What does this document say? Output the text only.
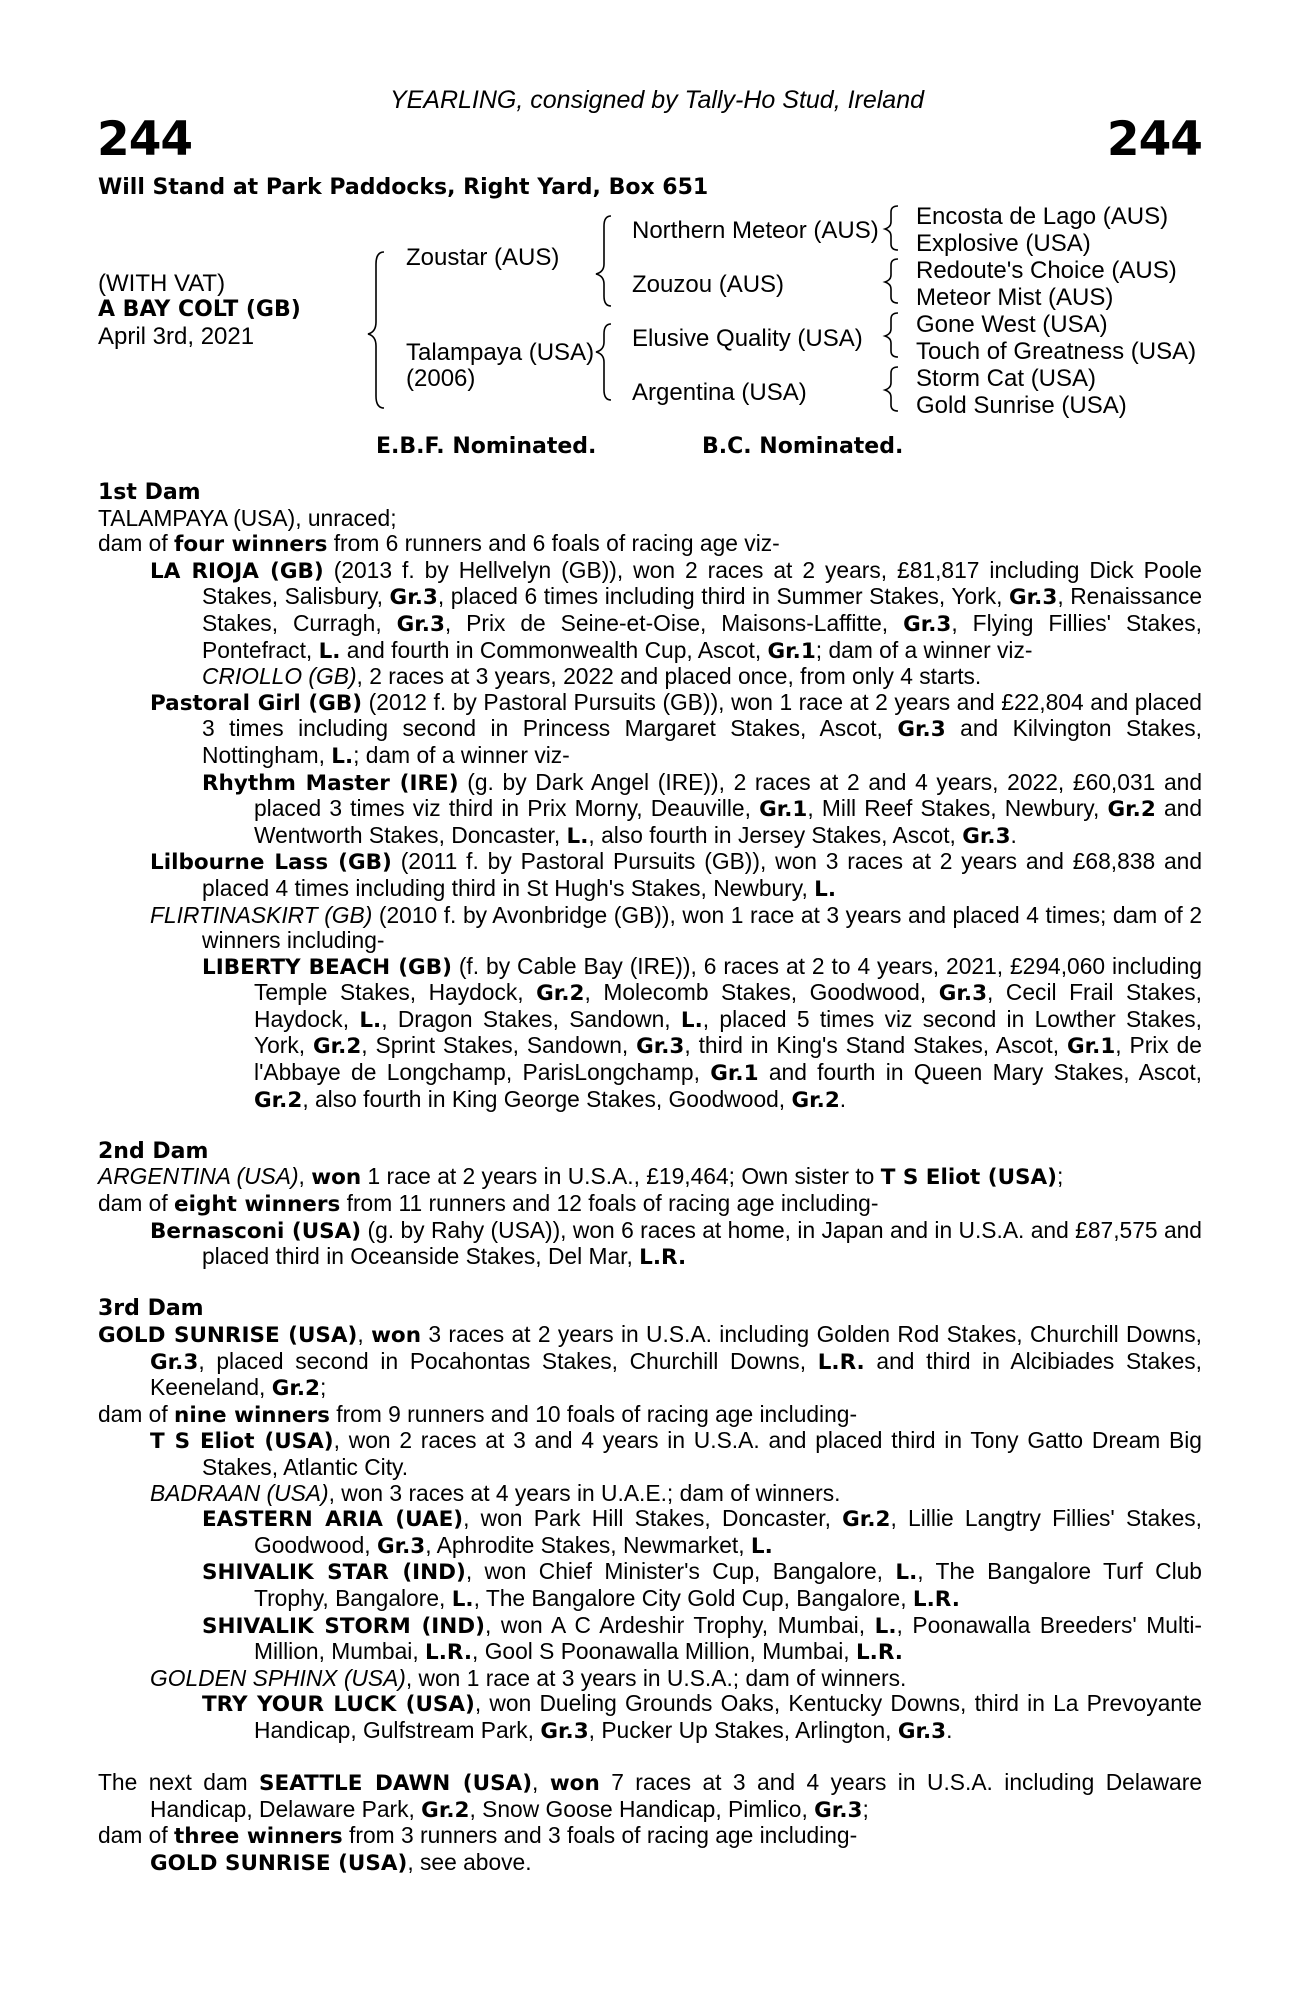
YEARLING, consigned by Tally-Ho Stud, Ireland
244	244
Will Stand at Park Paddocks, Right Yard, Box 651
(WITH VAT)
A BAY COLT (GB)
April 3rd, 2021
Zoustar (AUS)
Talampaya (USA)
(2006)
Northern Meteor (AUS)
Zouzou (AUS)
Elusive Quality (USA)
Argentina (USA)
Encosta de Lago (AUS)
Explosive (USA)
Redoute's Choice (AUS)
Meteor Mist (AUS)
Gone West (USA)
Touch of Greatness (USA)
Storm Cat (USA)
Gold Sunrise (USA)
E.B.F. Nominated.	B.C. Nominated.

1st Dam

TALAMPAYA (USA), unraced;

dam of four winners from 6 runners and 6 foals of racing age viz-

LA RIOJA (GB) (2013 f. by Hellvelyn (GB)), won 2 races at 2 years, £81,817 including Dick Poole Stakes, Salisbury, Gr.3, placed 6 times including third in Summer Stakes, York, Gr.3, Renaissance Stakes, Curragh, Gr.3, Prix de Seine-et-Oise, Maisons-Laffitte, Gr.3, Flying Fillies' Stakes, Pontefract, L. and fourth in Commonwealth Cup, Ascot, Gr.1; dam of a winner viz-

CRIOLLO (GB), 2 races at 3 years, 2022 and placed once, from only 4 starts.

Pastoral Girl (GB) (2012 f. by Pastoral Pursuits (GB)), won 1 race at 2 years and £22,804 and placed 3 times including second in Princess Margaret Stakes, Ascot, Gr.3 and Kilvington Stakes, Nottingham, L.; dam of a winner viz-

Rhythm Master (IRE) (g. by Dark Angel (IRE)), 2 races at 2 and 4 years, 2022, £60,031 and placed 3 times viz third in Prix Morny, Deauville, Gr.1, Mill Reef Stakes, Newbury, Gr.2 and Wentworth Stakes, Doncaster, L., also fourth in Jersey Stakes, Ascot, Gr.3.

Lilbourne Lass (GB) (2011 f. by Pastoral Pursuits (GB)), won 3 races at 2 years and £68,838 and placed 4 times including third in St Hugh's Stakes, Newbury, L.

FLIRTINASKIRT (GB) (2010 f. by Avonbridge (GB)), won 1 race at 3 years and placed 4 times; dam of 2 winners including-

LIBERTY BEACH (GB) (f. by Cable Bay (IRE)), 6 races at 2 to 4 years, 2021, £294,060 including Temple Stakes, Haydock, Gr.2, Molecomb Stakes, Goodwood, Gr.3, Cecil Frail Stakes, Haydock, L., Dragon Stakes, Sandown, L., placed 5 times viz second in Lowther Stakes, York, Gr.2, Sprint Stakes, Sandown, Gr.3, third in King's Stand Stakes, Ascot, Gr.1, Prix de l'Abbaye de Longchamp, ParisLongchamp, Gr.1 and fourth in Queen Mary Stakes, Ascot, Gr.2, also fourth in King George Stakes, Goodwood, Gr.2.

2nd Dam

ARGENTINA (USA), won 1 race at 2 years in U.S.A., £19,464; Own sister to T S Eliot (USA);

dam of eight winners from 11 runners and 12 foals of racing age including-

Bernasconi (USA) (g. by Rahy (USA)), won 6 races at home, in Japan and in U.S.A. and £87,575 and placed third in Oceanside Stakes, Del Mar, L.R.

3rd Dam

GOLD SUNRISE (USA), won 3 races at 2 years in U.S.A. including Golden Rod Stakes, Churchill Downs, Gr.3, placed second in Pocahontas Stakes, Churchill Downs, L.R. and third in Alcibiades Stakes, Keeneland, Gr.2;

dam of nine winners from 9 runners and 10 foals of racing age including-

T S Eliot (USA), won 2 races at 3 and 4 years in U.S.A. and placed third in Tony Gatto Dream Big Stakes, Atlantic City.

BADRAAN (USA), won 3 races at 4 years in U.A.E.; dam of winners.

EASTERN ARIA (UAE), won Park Hill Stakes, Doncaster, Gr.2, Lillie Langtry Fillies' Stakes, Goodwood, Gr.3, Aphrodite Stakes, Newmarket, L.

SHIVALIK STAR (IND), won Chief Minister's Cup, Bangalore, L., The Bangalore Turf Club Trophy, Bangalore, L., The Bangalore City Gold Cup, Bangalore, L.R.

SHIVALIK STORM (IND), won A C Ardeshir Trophy, Mumbai, L., Poonawalla Breeders' Multi-Million, Mumbai, L.R., Gool S Poonawalla Million, Mumbai, L.R.

GOLDEN SPHINX (USA), won 1 race at 3 years in U.S.A.; dam of winners.

TRY YOUR LUCK (USA), won Dueling Grounds Oaks, Kentucky Downs, third in La Prevoyante Handicap, Gulfstream Park, Gr.3, Pucker Up Stakes, Arlington, Gr.3.

The next dam SEATTLE DAWN (USA), won 7 races at 3 and 4 years in U.S.A. including Delaware Handicap, Delaware Park, Gr.2, Snow Goose Handicap, Pimlico, Gr.3;

dam of three winners from 3 runners and 3 foals of racing age including-

GOLD SUNRISE (USA), see above.
